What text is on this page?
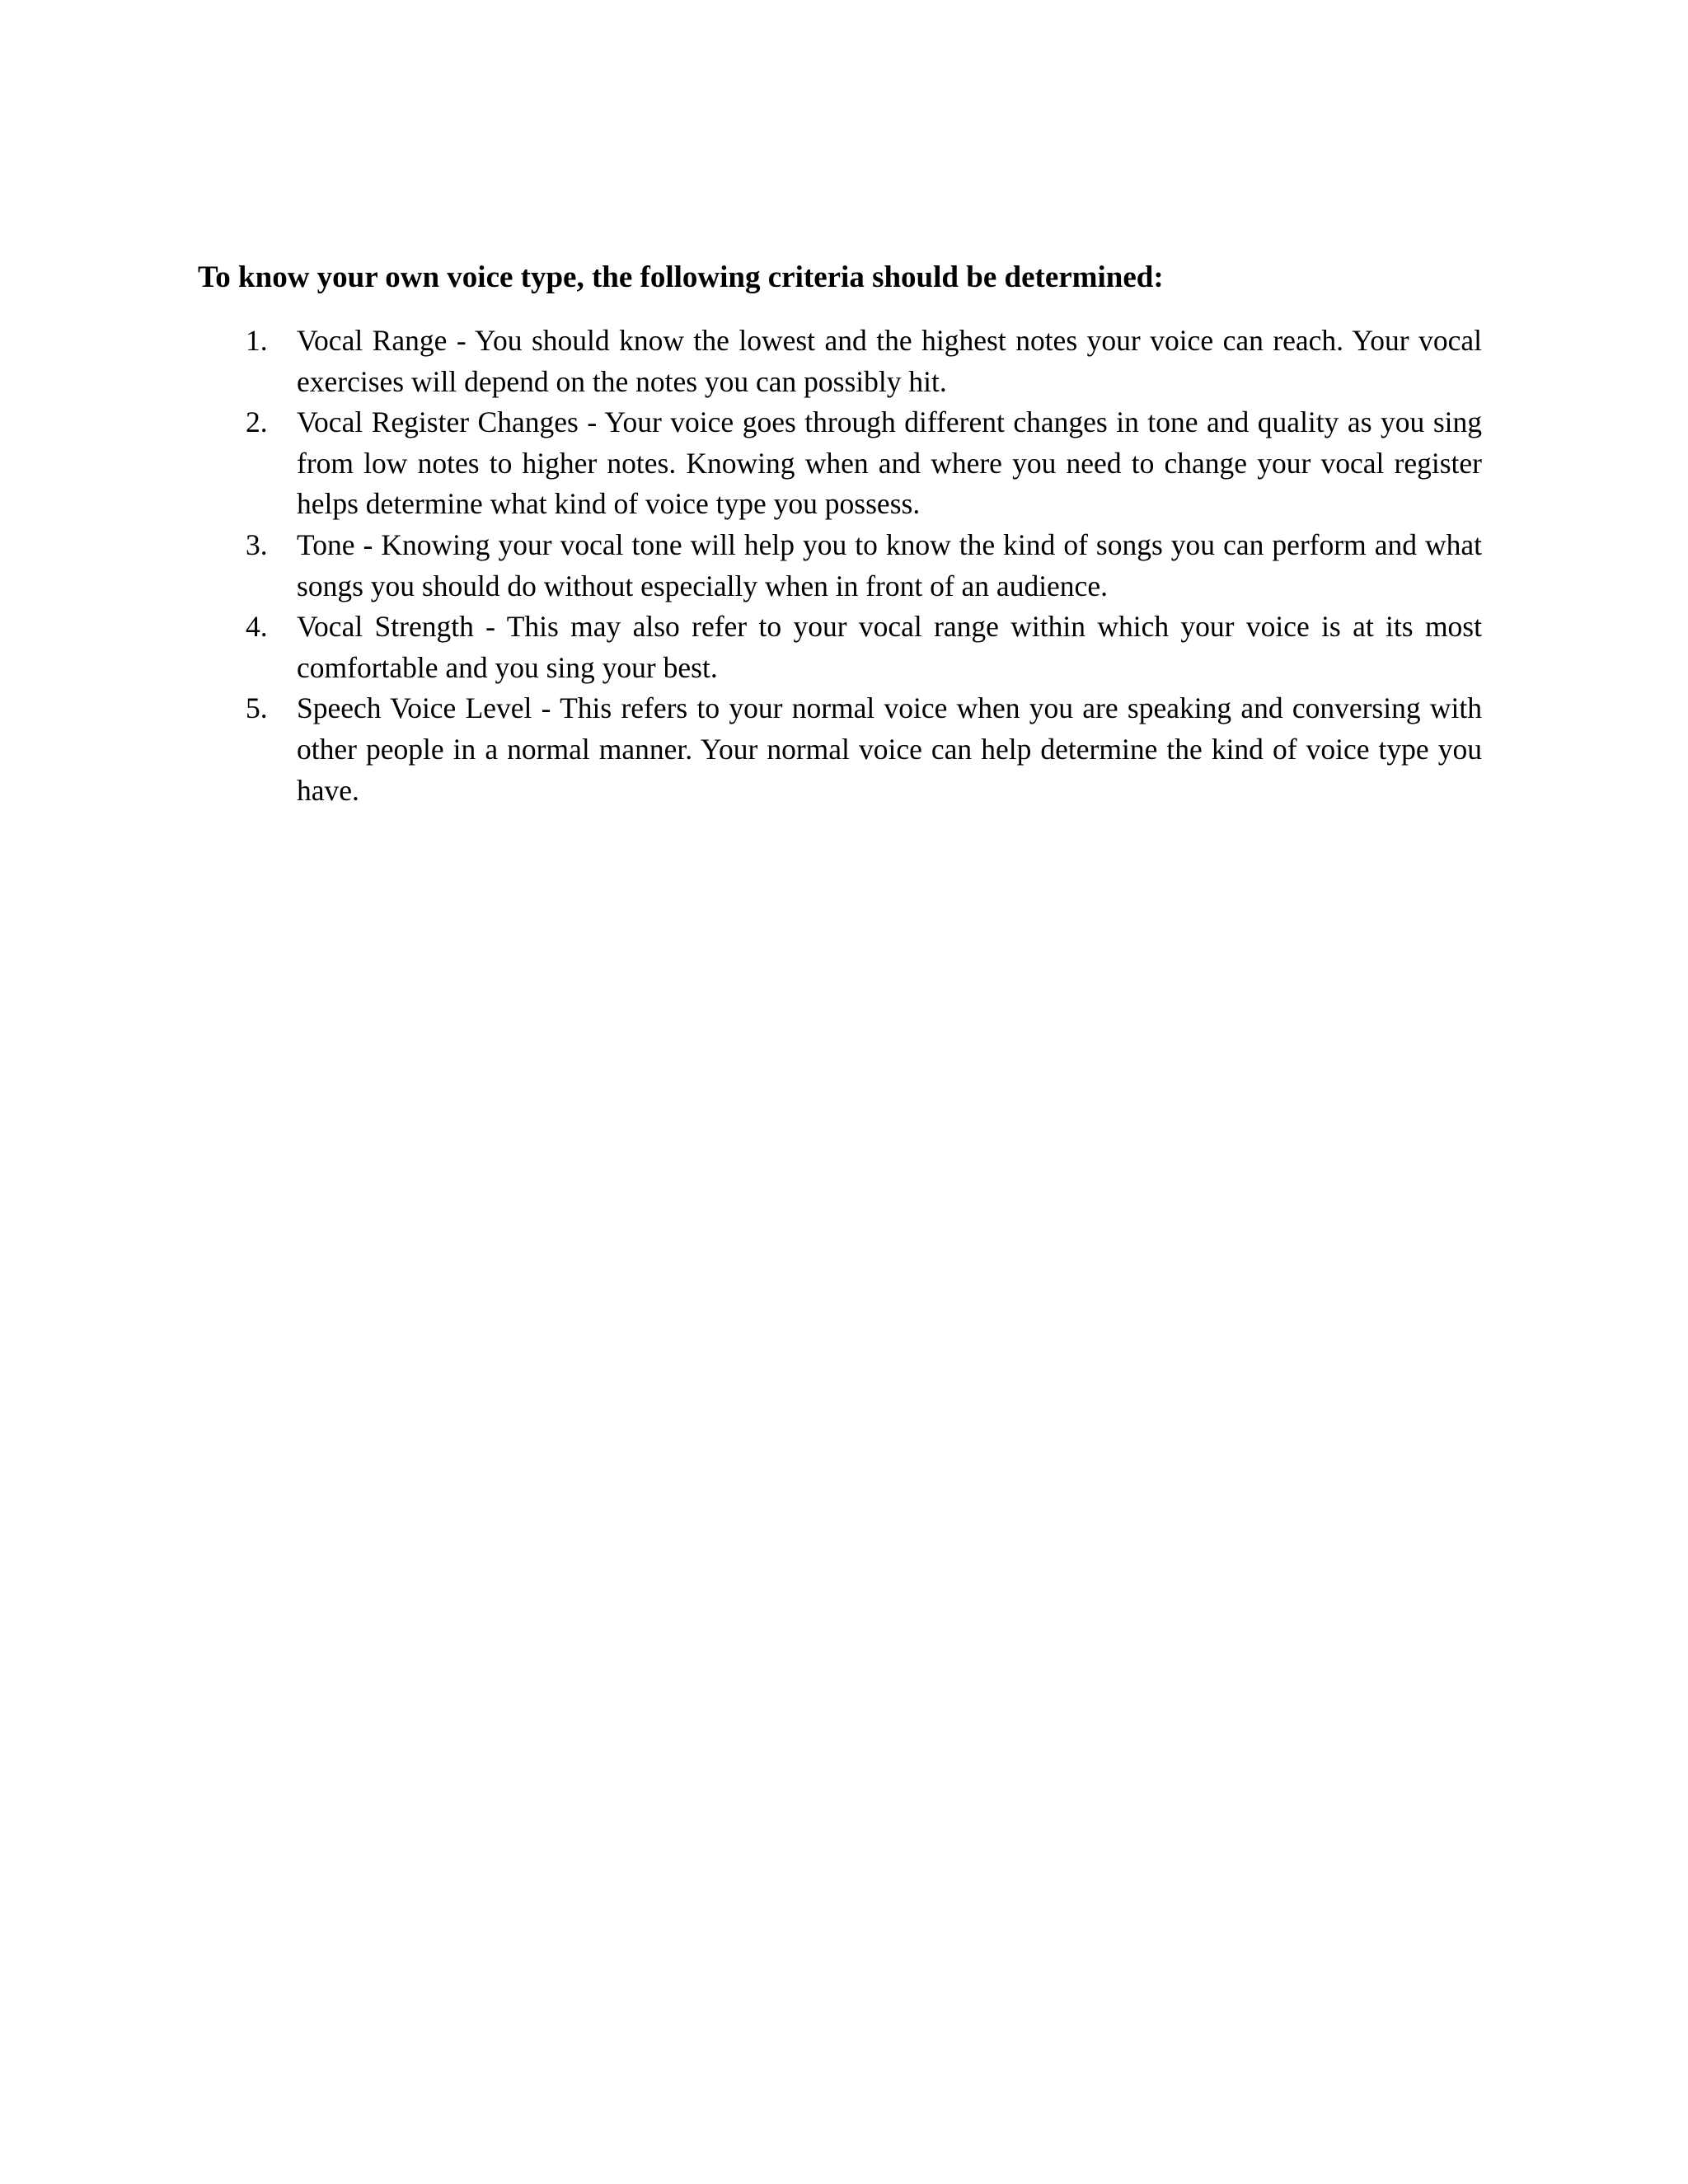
To know your own voice type, the following criteria should be determined:

1. Vocal Range - You should know the lowest and the highest notes your voice can reach. Your vocal exercises will depend on the notes you can possibly hit.
2. Vocal Register Changes - Your voice goes through different changes in tone and quality as you sing from low notes to higher notes. Knowing when and where you need to change your vocal register helps determine what kind of voice type you possess.
3. Tone - Knowing your vocal tone will help you to know the kind of songs you can perform and what songs you should do without especially when in front of an audience.
4. Vocal Strength - This may also refer to your vocal range within which your voice is at its most comfortable and you sing your best.
5. Speech Voice Level - This refers to your normal voice when you are speaking and conversing with other people in a normal manner. Your normal voice can help determine the kind of voice type you have.
